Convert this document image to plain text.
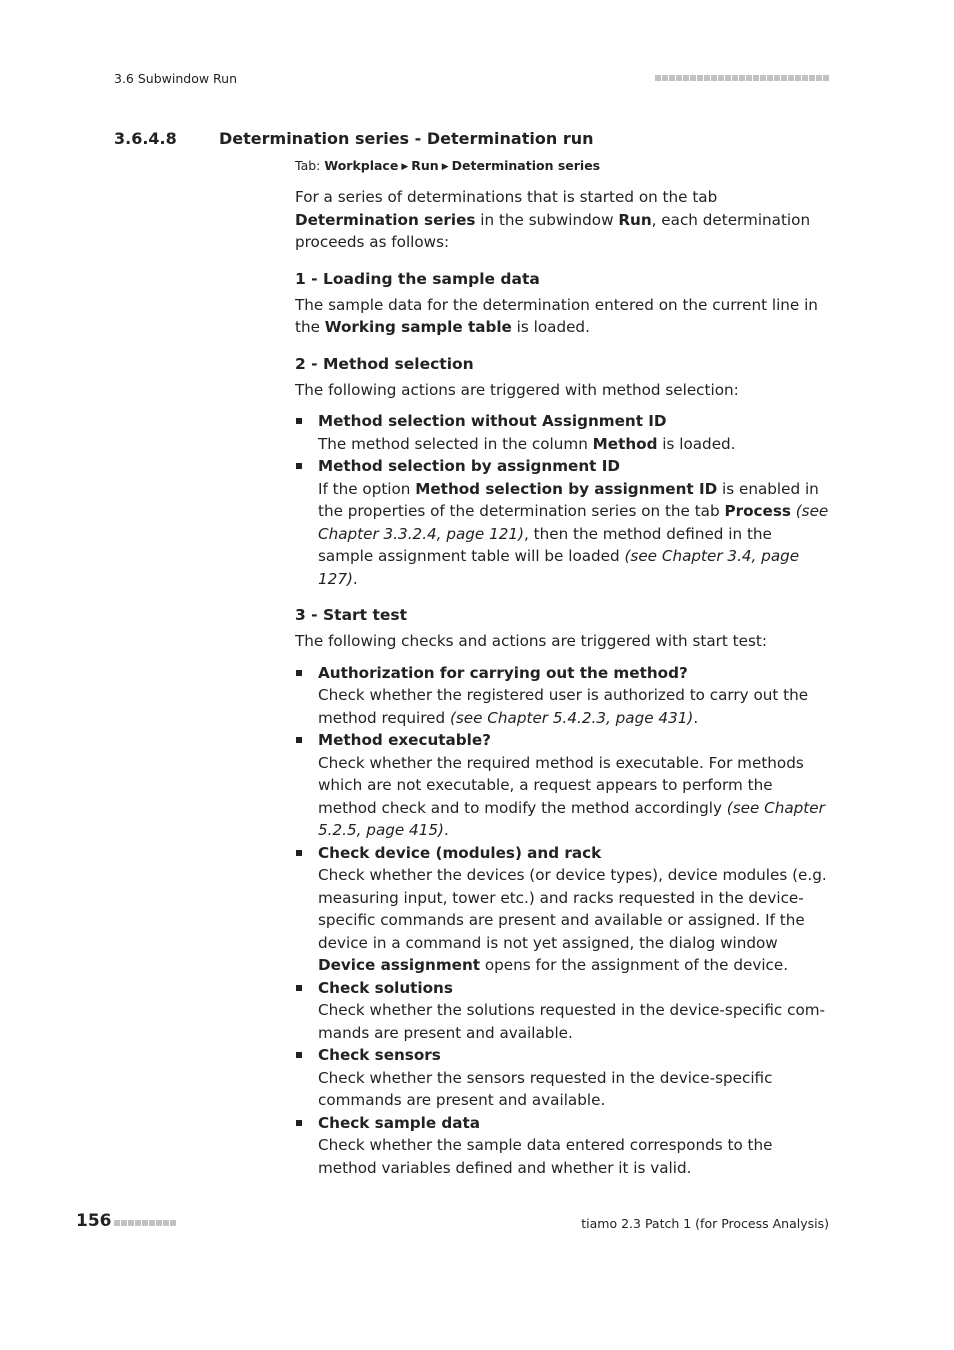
3.6 Subwindow Run
3.6.4.8	Determination series - Determination run
Tab: Workplace ▶ Run ▶ Determination series

For a series of determinations that is started on the tab Determination series in the subwindow Run, each determination proceeds as follows:

1 - Loading the sample data

The sample data for the determination entered on the current line in the Working sample table is loaded.

2 - Method selection

The following actions are triggered with method selection:

Method selection without Assignment ID
The method selected in the column Method is loaded.
Method selection by assignment ID
If the option Method selection by assignment ID is enabled in the properties of the determination series on the tab Process (see Chapter 3.3.2.4, page 121), then the method defined in the sample assignment table will be loaded (see Chapter 3.4, page 127).
3 - Start test

The following checks and actions are triggered with start test:

Authorization for carrying out the method?
Check whether the registered user is authorized to carry out the method required (see Chapter 5.4.2.3, page 431).
Method executable?
Check whether the required method is executable. For methods which are not executable, a request appears to perform the method check and to modify the method accordingly (see Chapter 5.2.5, page 415).
Check device (modules) and rack
Check whether the devices (or device types), device modules (e.g. measuring input, tower etc.) and racks requested in the device-specific commands are present and available or assigned. If the device in a command is not yet assigned, the dialog window Device assignment opens for the assignment of the device.
Check solutions
Check whether the solutions requested in the device-specific com-mands are present and available.
Check sensors
Check whether the sensors requested in the device-specific commands are present and available.
Check sample data
Check whether the sample data entered corresponds to the method variables defined and whether it is valid.
156	tiamo 2.3 Patch 1 (for Process Analysis)
